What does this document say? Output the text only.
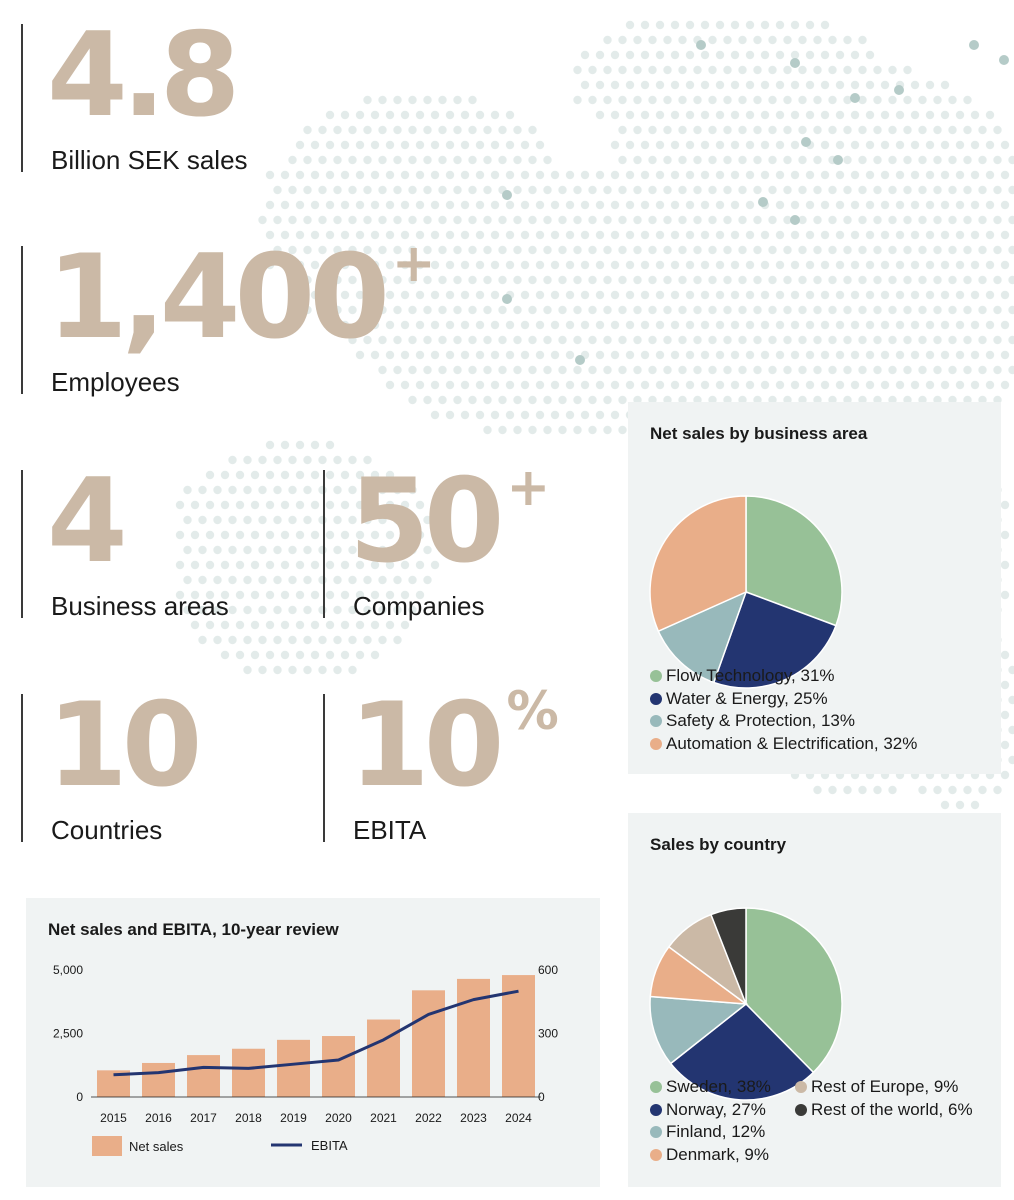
4.8
Billion SEK sales
1,400 +
Employees
4
Business areas
50 +
Companies
10
Countries
10 %
EBITA
Net sales by business area
Flow Technology, 31%
Water & Energy, 25%
Safety & Protection, 13%
Automation & Electrification, 32%
Sales by country
Sweden, 38%
Norway, 27%
Finland, 12%
Denmark, 9%
Rest of Europe, 9%
Rest of the world, 6%
Net sales and EBITA, 10-year review
5,000
2,500
0
600
300
0
2015 2016 2017 2018 2019 2020 2021 2022 2023 2024
Net sales	EBITA
